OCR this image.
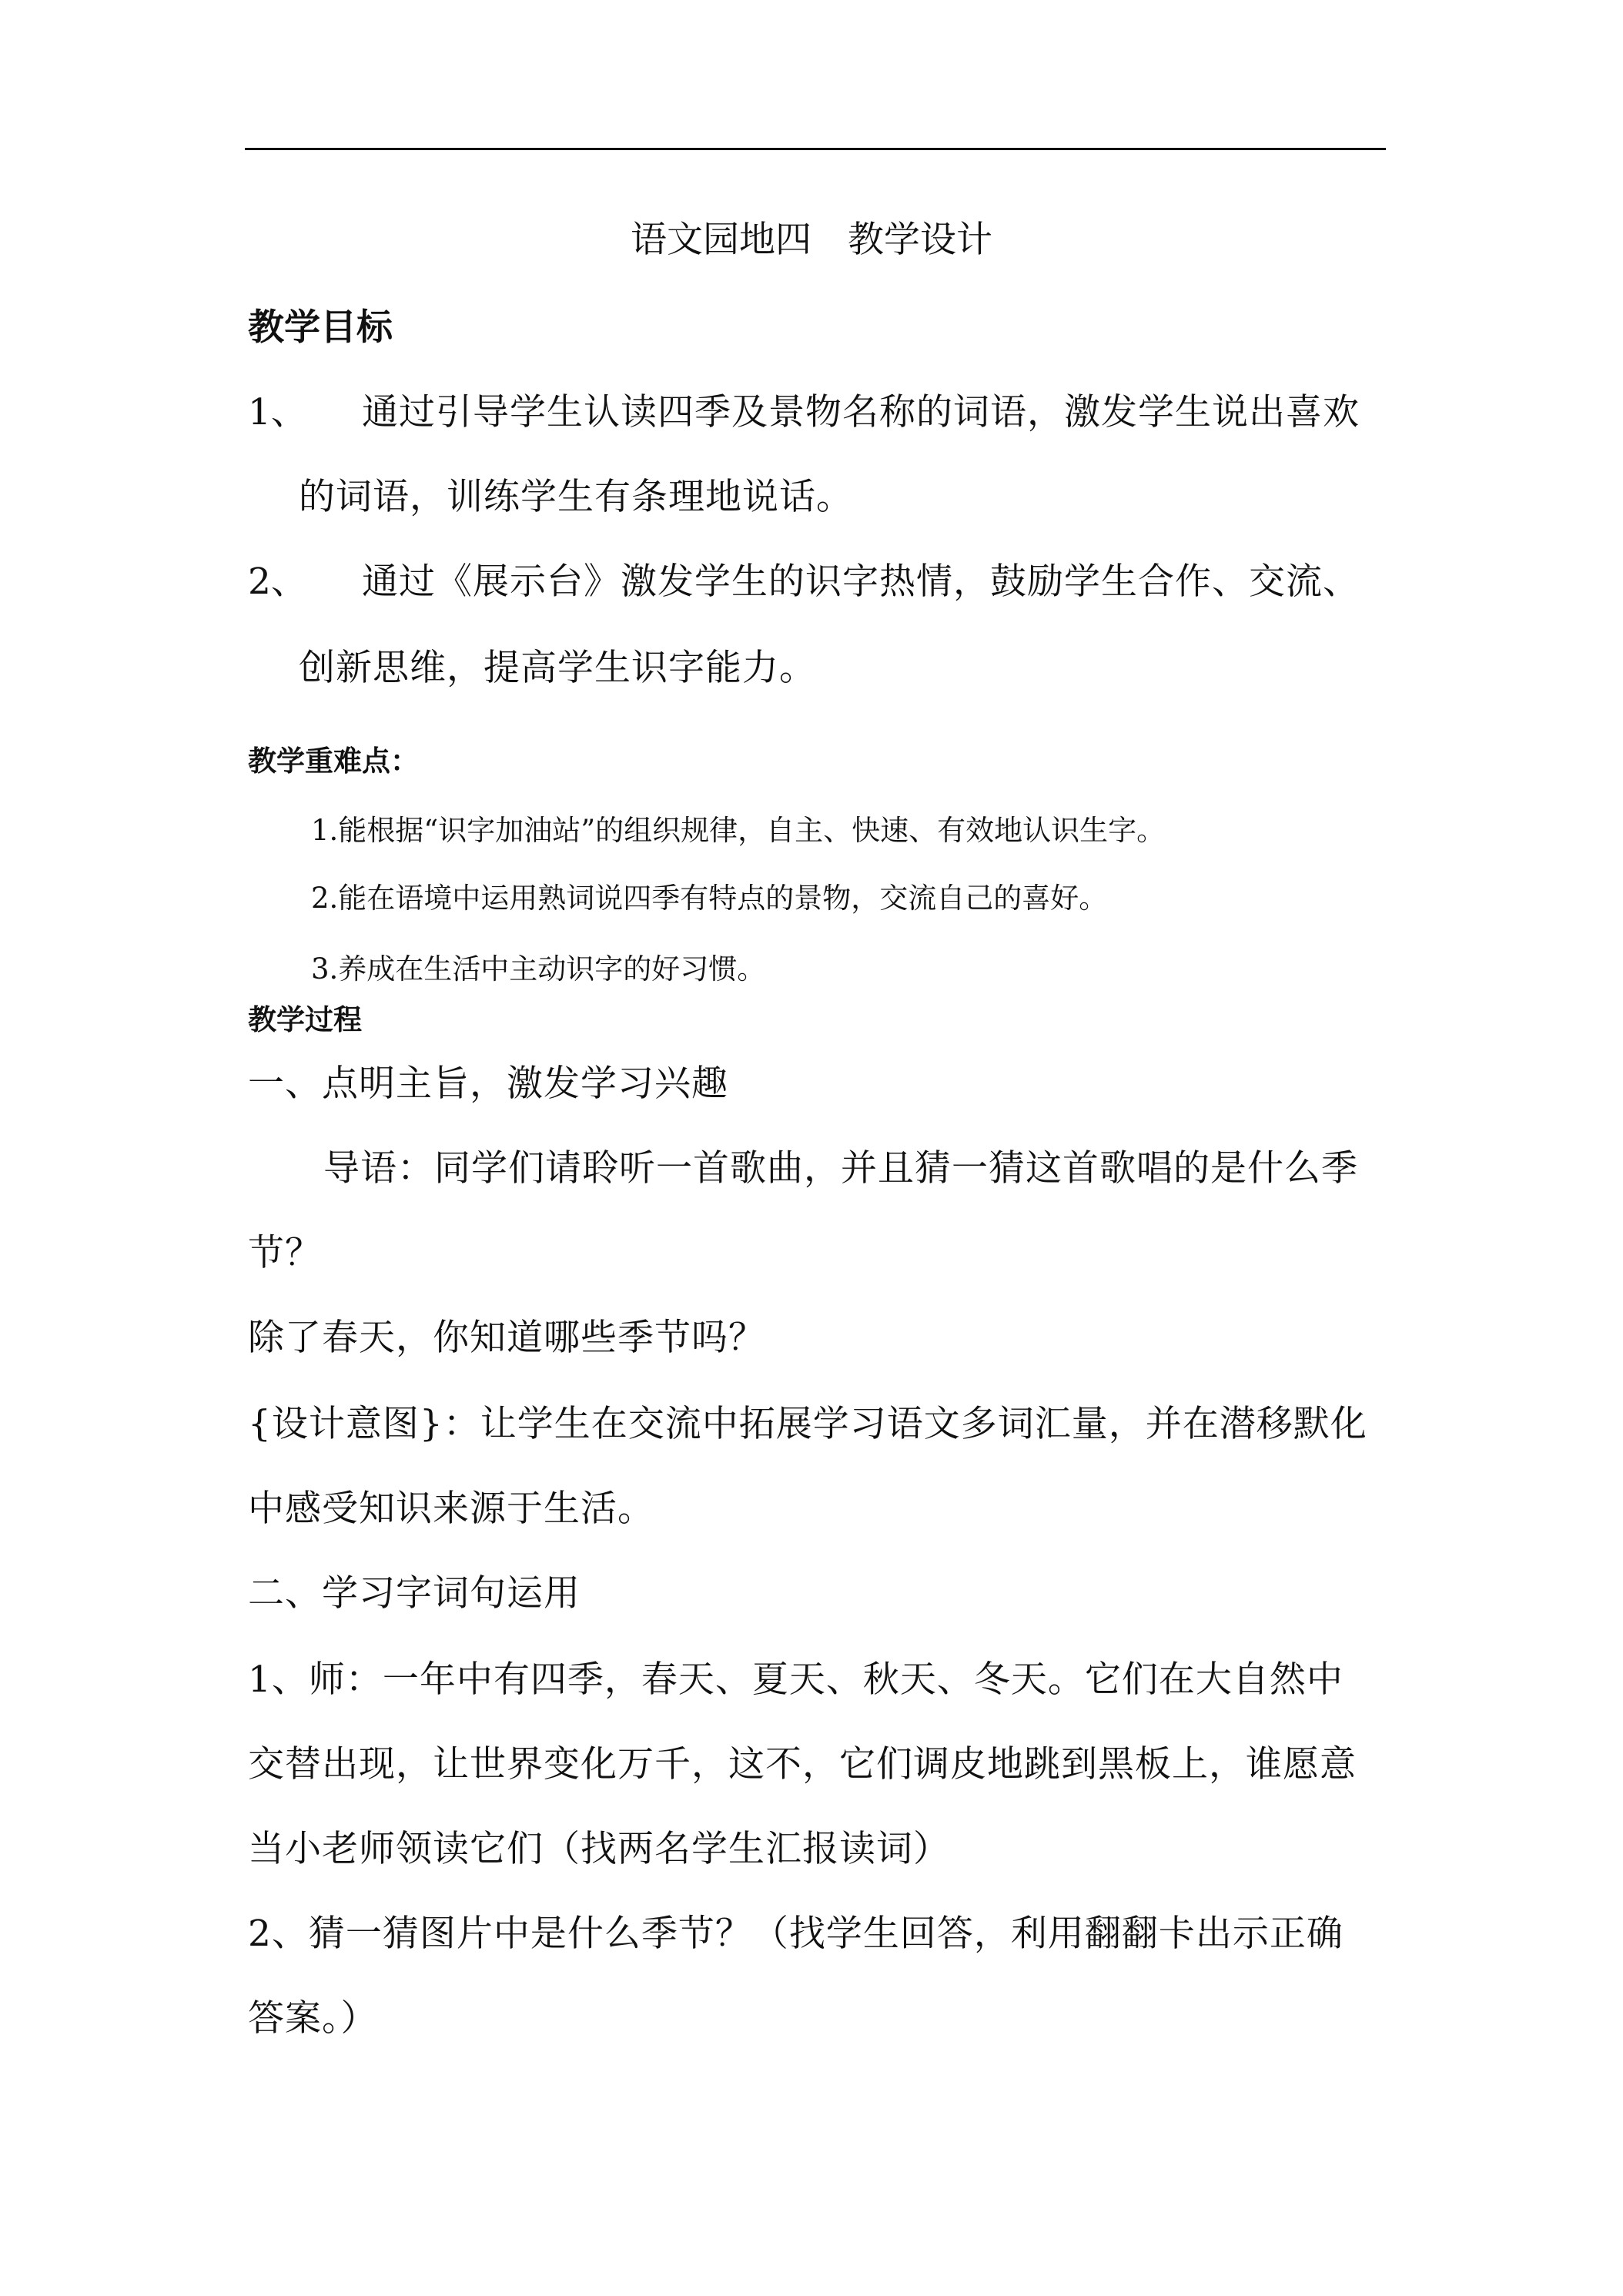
语文园地四　教学设计
教学目标
1、 通过引导学生认读四季及景物名称的词语，激发学生说出喜欢
的词语，训练学生有条理地说话。
2、 通过《展示台》激发学生的识字热情，鼓励学生合作、交流、
创新思维，提高学生识字能力。
教学重难点：
1.能根据“识字加油站”的组织规律，自主、快速、有效地认识生字。
2.能在语境中运用熟词说四季有特点的景物，交流自己的喜好。
3.养成在生活中主动识字的好习惯。
教学过程
一、点明主旨，激发学习兴趣
导语：同学们请聆听一首歌曲，并且猜一猜这首歌唱的是什么季
节？
除了春天，你知道哪些季节吗？
{设计意图}：让学生在交流中拓展学习语文多词汇量，并在潜移默化
中感受知识来源于生活。
二、学习字词句运用
1、师：一年中有四季，春天、夏天、秋天、冬天。它们在大自然中
交替出现，让世界变化万千，这不，它们调皮地跳到黑板上，谁愿意
当小老师领读它们（找两名学生汇报读词）
2、猜一猜图片中是什么季节？（找学生回答，利用翻翻卡出示正确
答案。）
